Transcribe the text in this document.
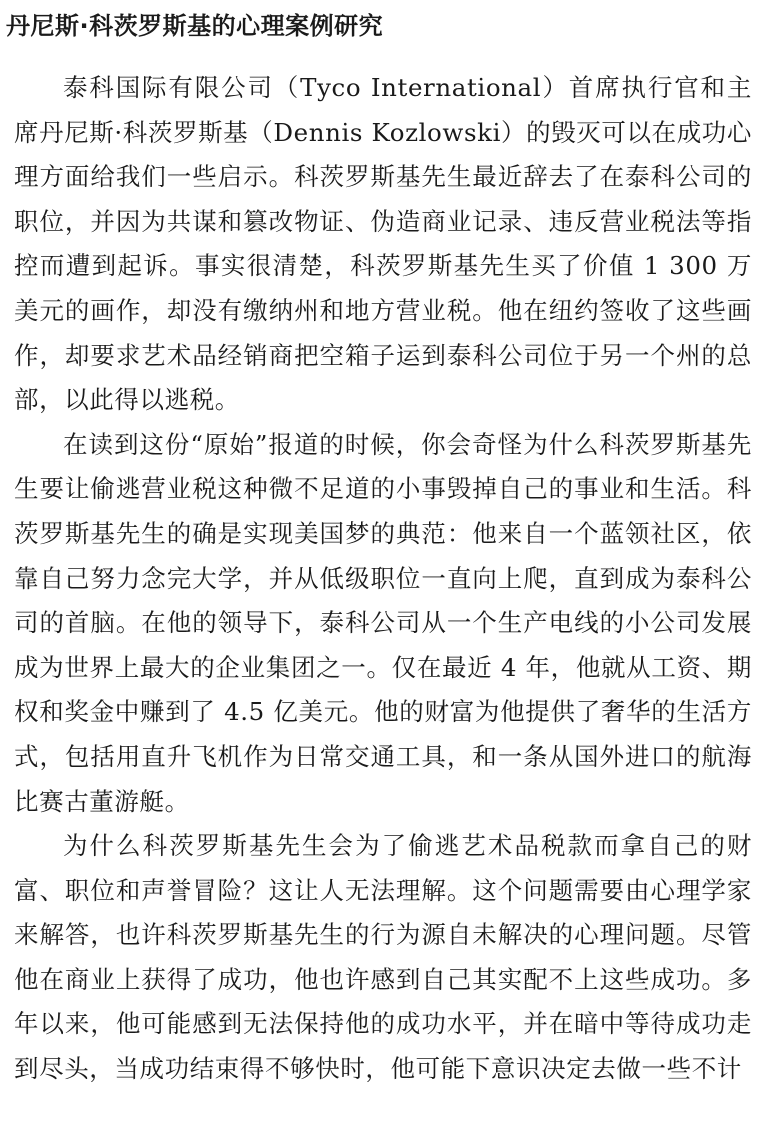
丹尼斯·科茨罗斯基的心理案例研究

泰科国际有限公司（Tyco International）首席执行官和主席丹尼斯·科茨罗斯基（Dennis Kozlowski）的毁灭可以在成功心理方面给我们一些启示。科茨罗斯基先生最近辞去了在泰科公司的职位，并因为共谋和篡改物证、伪造商业记录、违反营业税法等指控而遭到起诉。事实很清楚，科茨罗斯基先生买了价值 1 300 万美元的画作，却没有缴纳州和地方营业税。他在纽约签收了这些画作，却要求艺术品经销商把空箱子运到泰科公司位于另一个州的总部，以此得以逃税。

在读到这份“原始”报道的时候，你会奇怪为什么科茨罗斯基先生要让偷逃营业税这种微不足道的小事毁掉自己的事业和生活。科茨罗斯基先生的确是实现美国梦的典范：他来自一个蓝领社区，依靠自己努力念完大学，并从低级职位一直向上爬，直到成为泰科公司的首脑。在他的领导下，泰科公司从一个生产电线的小公司发展成为世界上最大的企业集团之一。仅在最近 4 年，他就从工资、期权和奖金中赚到了 4.5 亿美元。他的财富为他提供了奢华的生活方式，包括用直升飞机作为日常交通工具，和一条从国外进口的航海比赛古董游艇。

为什么科茨罗斯基先生会为了偷逃艺术品税款而拿自己的财富、职位和声誉冒险？这让人无法理解。这个问题需要由心理学家来解答，也许科茨罗斯基先生的行为源自未解决的心理问题。尽管他在商业上获得了成功，他也许感到自己其实配不上这些成功。多年以来，他可能感到无法保持他的成功水平，并在暗中等待成功走到尽头，当成功结束得不够快时，他可能下意识决定去做一些不计
